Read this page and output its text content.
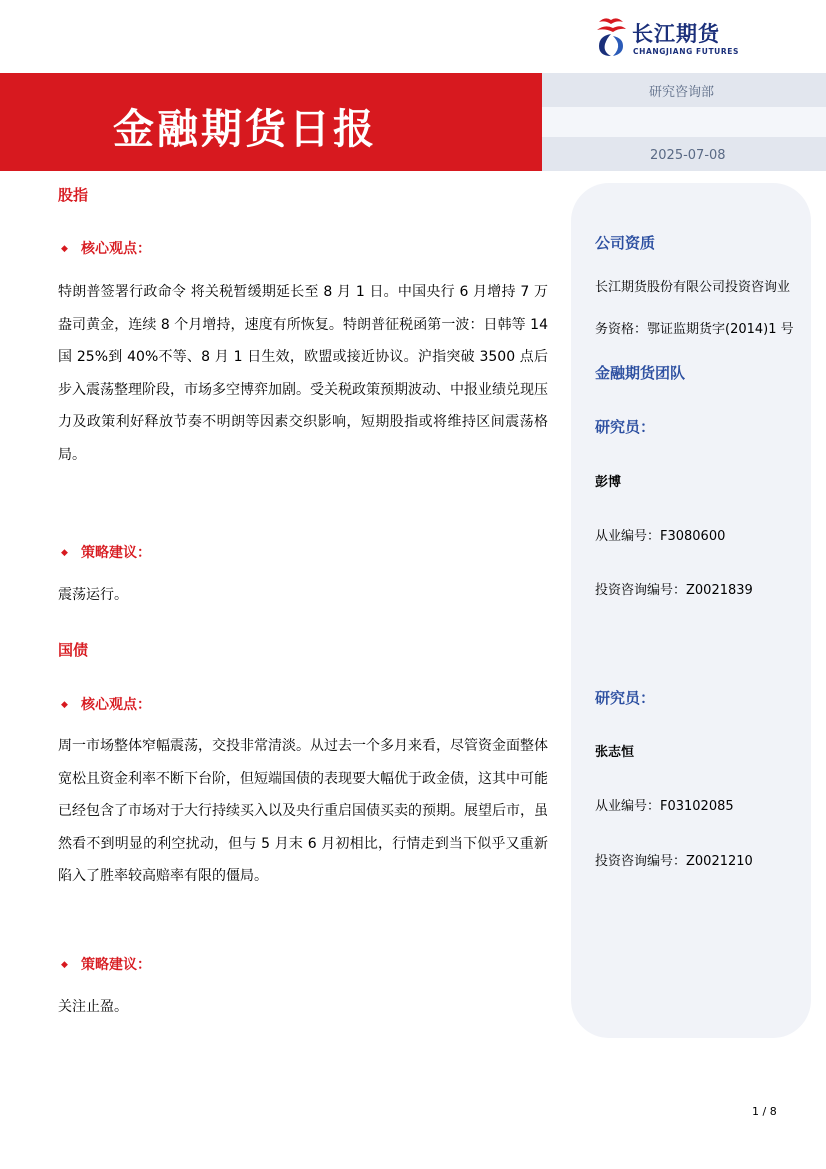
长江期货
CHANGJIANG FUTURES
金融期货日报
研究咨询部
2025-07-08
股指
◆ 核心观点：
特朗普签署行政命令 将关税暂缓期延长至 8 月 1 日。中国央行 6 月增持 7 万盎司黄金，连续 8 个月增持，速度有所恢复。特朗普征税函第一波：日韩等 14 国 25%到 40%不等、8 月 1 日生效，欧盟或接近协议。沪指突破 3500 点后步入震荡整理阶段，市场多空博弈加剧。受关税政策预期波动、中报业绩兑现压力及政策利好释放节奏不明朗等因素交织影响，短期股指或将维持区间震荡格局。
◆ 策略建议：
震荡运行。
国债
◆ 核心观点：
周一市场整体窄幅震荡，交投非常清淡。从过去一个多月来看，尽管资金面整体宽松且资金利率不断下台阶，但短端国债的表现要大幅优于政金债，这其中可能已经包含了市场对于大行持续买入以及央行重启国债买卖的预期。展望后市，虽然看不到明显的利空扰动，但与 5 月末 6 月初相比，行情走到当下似乎又重新陷入了胜率较高赔率有限的僵局。
◆ 策略建议：
关注止盈。
公司资质
长江期货股份有限公司投资咨询业
务资格：鄂证监期货字(2014)1 号
金融期货团队
研究员：
彭博
从业编号：F3080600
投资咨询编号：Z0021839
研究员：
张志恒
从业编号：F03102085
投资咨询编号：Z0021210
1 / 8
